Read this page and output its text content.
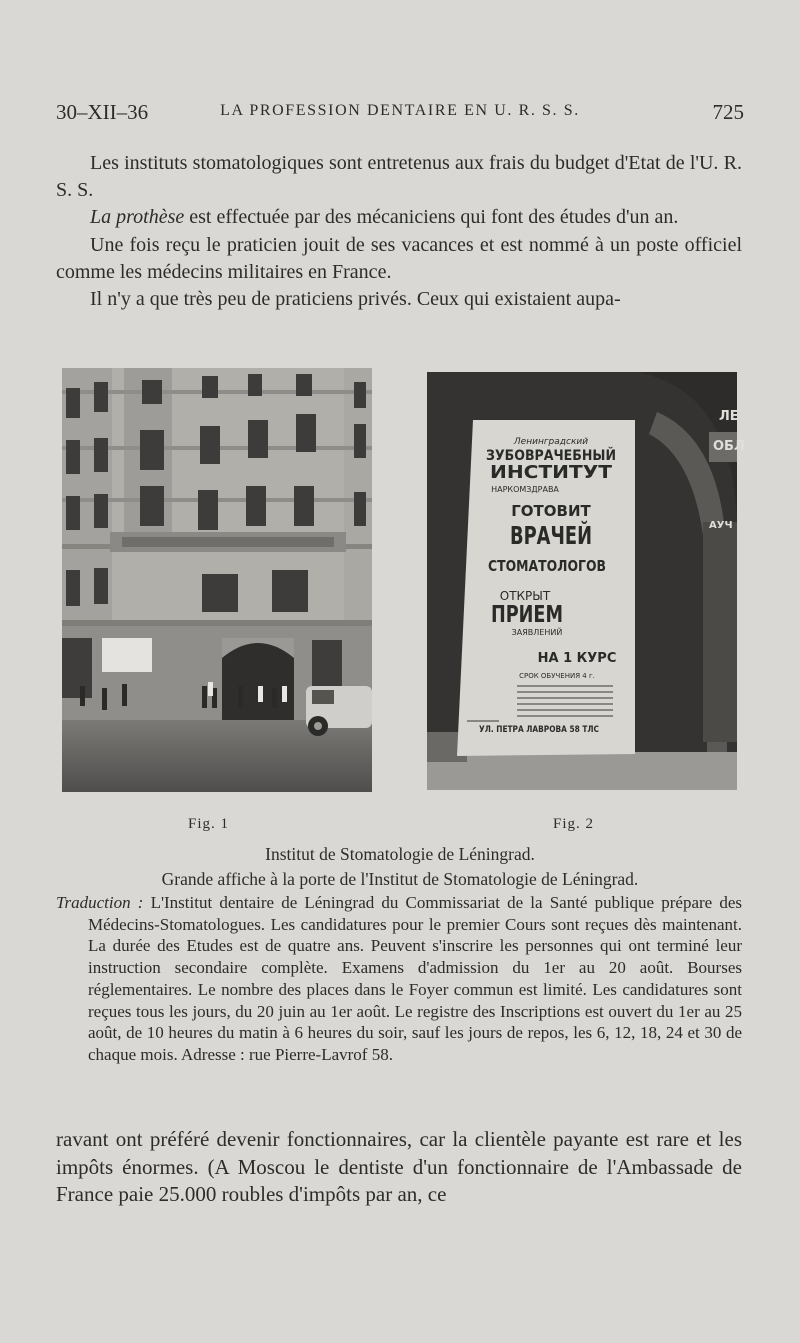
30–XII–36	LA PROFESSION DENTAIRE EN U. R. S. S.	725

Les instituts stomatologiques sont entretenus aux frais du budget d'Etat de l'U. R. S. S.

La prothèse est effectuée par des mécaniciens qui font des études d'un an.

Une fois reçu le praticien jouit de ses vacances et est nommé à un poste officiel comme les médecins militaires en France.

Il n'y a que très peu de praticiens privés. Ceux qui existaient aupa-

ЛЕ
ОБЛ
АУЧ
Ленинградский
ЗУБОВРАЧЕБНЫЙ
ИНСТИТУТ
НАРКОМЗДРАВА
ГОТОВИТ
ВРАЧЕЙ
СТОМАТОЛОГОВ
ОТКРЫТ
ПРИЕМ
ЗАЯВЛЕНИЙ
НА 1 КУРС
СРОК ОБУЧЕНИЯ 4 г.
УЛ. ПЕТРА ЛАВРОВА 58 ТЛС
Fig. 1	Fig. 2
Institut de Stomatologie de Léningrad.
Grande affiche à la porte de l'Institut de Stomatologie de Léningrad.
Traduction : L'Institut dentaire de Léningrad du Commissariat de la Santé publique prépare des Médecins-Stomatologues. Les candidatures pour le premier Cours sont reçues dès maintenant. La durée des Etudes est de quatre ans. Peuvent s'inscrire les personnes qui ont terminé leur instruction secondaire complète. Examens d'admission du 1er au 20 août. Bourses réglementaires. Le nombre des places dans le Foyer commun est limité. Les candidatures sont reçues tous les jours, du 20 juin au 1er août. Le registre des Inscriptions est ouvert du 1er au 25 août, de 10 heures du matin à 6 heures du soir, sauf les jours de repos, les 6, 12, 18, 24 et 30 de chaque mois. Adresse : rue Pierre-Lavrof 58.
ravant ont préféré devenir fonctionnaires, car la clientèle payante est rare et les impôts énormes. (A Moscou le dentiste d'un fonctionnaire de l'Ambassade de France paie 25.000 roubles d'impôts par an, ce
